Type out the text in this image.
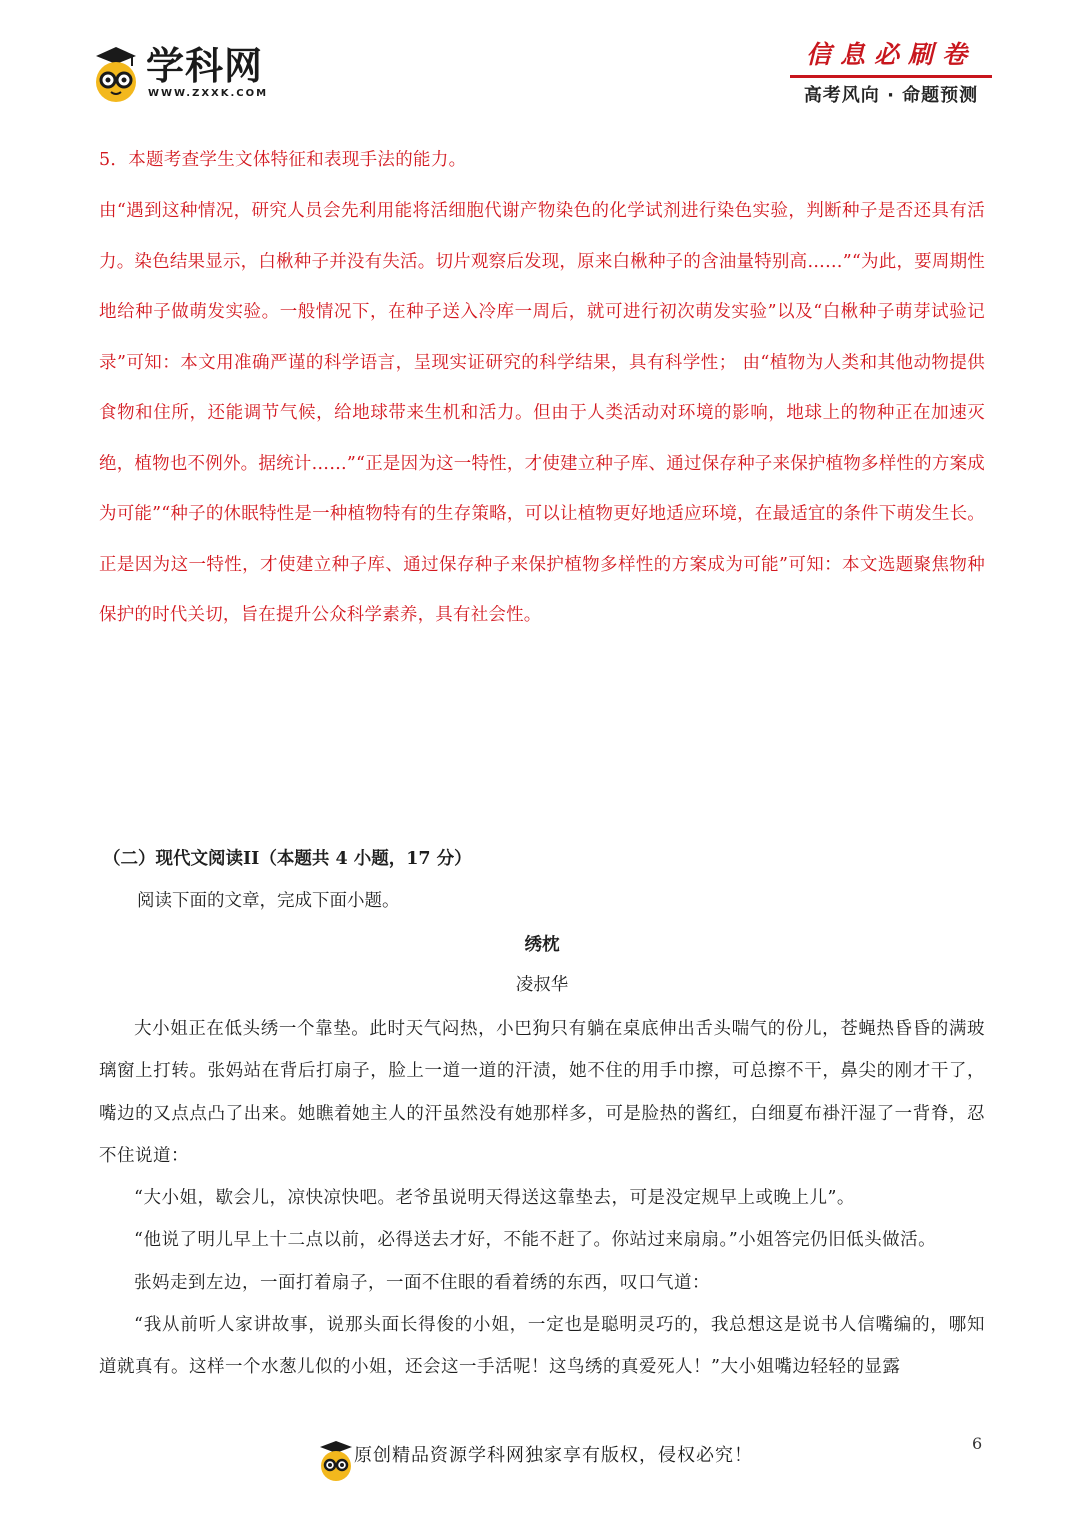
学科网
WWW.ZXXK.COM
信息必刷卷
高考风向 · 命题预测
5．本题考查学生文体特征和表现手法的能力。
由“遇到这种情况，研究人员会先利用能将活细胞代谢产物染色的化学试剂进行染色实验，判断种子是否还具有活力。染色结果显示，白楸种子并没有失活。切片观察后发现，原来白楸种子的含油量特别高……”“为此，要周期性地给种子做萌发实验。一般情况下，在种子送入冷库一周后，就可进行初次萌发实验”以及“白楸种子萌芽试验记录”可知：本文用准确严谨的科学语言，呈现实证研究的科学结果，具有科学性； 由“植物为人类和其他动物提供食物和住所，还能调节气候，给地球带来生机和活力。但由于人类活动对环境的影响，地球上的物种正在加速灭绝，植物也不例外。据统计……”“正是因为这一特性，才使建立种子库、通过保存种子来保护植物多样性的方案成为可能”“种子的休眠特性是一种植物特有的生存策略，可以让植物更好地适应环境，在最适宜的条件下萌发生长。正是因为这一特性，才使建立种子库、通过保存种子来保护植物多样性的方案成为可能”可知：本文选题聚焦物种保护的时代关切，旨在提升公众科学素养，具有社会性。
（二）现代文阅读II（本题共 4 小题，17 分）
阅读下面的文章，完成下面小题。
绣枕
凌叔华

大小姐正在低头绣一个靠垫。此时天气闷热，小巴狗只有躺在桌底伸出舌头喘气的份儿，苍蝇热昏昏的满玻璃窗上打转。张妈站在背后打扇子，脸上一道一道的汗渍，她不住的用手巾擦，可总擦不干，鼻尖的刚才干了，嘴边的又点点凸了出来。她瞧着她主人的汗虽然没有她那样多，可是脸热的酱红，白细夏布褂汗湿了一背脊，忍不住说道：

“大小姐，歇会儿，凉快凉快吧。老爷虽说明天得送这靠垫去，可是没定规早上或晚上儿”。

“他说了明儿早上十二点以前，必得送去才好，不能不赶了。你站过来扇扇。”小姐答完仍旧低头做活。

张妈走到左边，一面打着扇子，一面不住眼的看着绣的东西，叹口气道：

“我从前听人家讲故事，说那头面长得俊的小姐，一定也是聪明灵巧的，我总想这是说书人信嘴编的，哪知道就真有。这样一个水葱儿似的小姐，还会这一手活呢！这鸟绣的真爱死人！”大小姐嘴边轻轻的显露

原创精品资源学科网独家享有版权，侵权必究！
6
